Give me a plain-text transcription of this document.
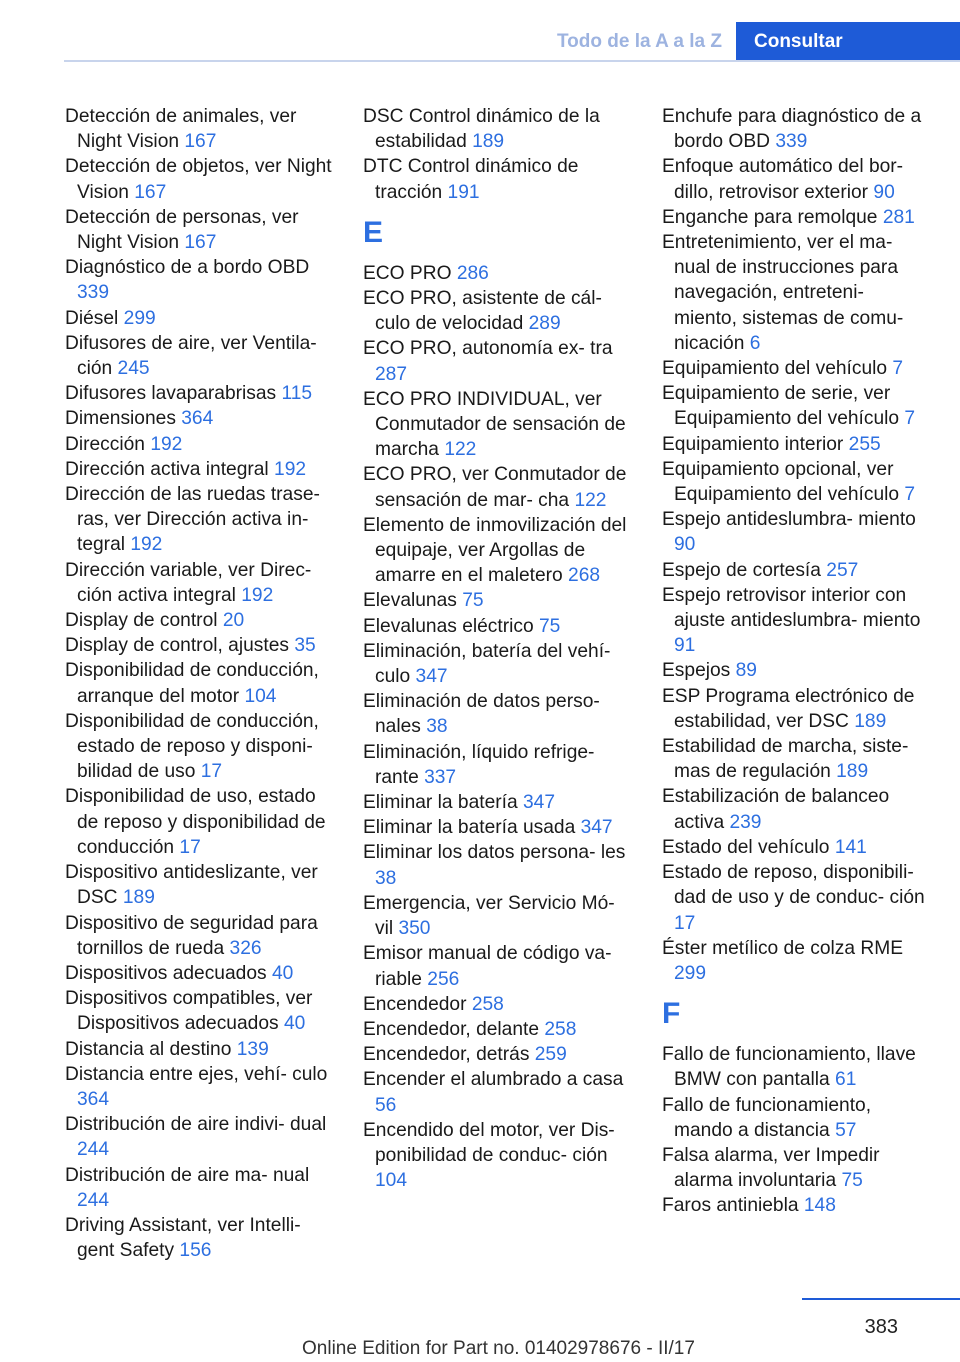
Todo de la A a la Z	Consultar
Detección de animales, ver Night Vision 167
Detección de objetos, ver Night Vision 167
Detección de personas, ver Night Vision 167
Diagnóstico de a bordo OBD 339
Diésel 299
Difusores de aire, ver Ventila‐ ción 245
Difusores lavaparabrisas 115
Dimensiones 364
Dirección 192
Dirección activa integral 192
Dirección de las ruedas trase‐ ras, ver Dirección activa in‐ tegral 192
Dirección variable, ver Direc‐ ción activa integral 192
Display de control 20
Display de control, ajustes 35
Disponibilidad de conducción, arranque del motor 104
Disponibilidad de conducción, estado de reposo y disponi‐ bilidad de uso 17
Disponibilidad de uso, estado de reposo y disponibilidad de conducción 17
Dispositivo antideslizante, ver DSC 189
Dispositivo de seguridad para tornillos de rueda 326
Dispositivos adecuados 40
Dispositivos compatibles, ver Dispositivos adecuados 40
Distancia al destino 139
Distancia entre ejes, vehí‐ culo 364
Distribución de aire indivi‐ dual 244
Distribución de aire ma‐ nual 244
Driving Assistant, ver Intelli‐ gent Safety 156
DSC Control dinámico de la estabilidad 189
DTC Control dinámico de tracción 191
E
ECO PRO 286
ECO PRO, asistente de cál‐ culo de velocidad 289
ECO PRO, autonomía ex‐ tra 287
ECO PRO INDIVIDUAL, ver Conmutador de sensación de marcha 122
ECO PRO, ver Conmutador de sensación de mar‐ cha 122
Elemento de inmovilización del equipaje, ver Argollas de amarre en el maletero 268
Elevalunas 75
Elevalunas eléctrico 75
Eliminación, batería del vehí‐ culo 347
Eliminación de datos perso‐ nales 38
Eliminación, líquido refrige‐ rante 337
Eliminar la batería 347
Eliminar la batería usada 347
Eliminar los datos persona‐ les 38
Emergencia, ver Servicio Mó‐ vil 350
Emisor manual de código va‐ riable 256
Encendedor 258
Encendedor, delante 258
Encendedor, detrás 259
Encender el alumbrado a casa 56
Encendido del motor, ver Dis‐ ponibilidad de conduc‐ ción 104
Enchufe para diagnóstico de a bordo OBD 339
Enfoque automático del bor‐ dillo, retrovisor exterior 90
Enganche para remolque 281
Entretenimiento, ver el ma‐ nual de instrucciones para navegación, entreteni‐ miento, sistemas de comu‐ nicación 6
Equipamiento del vehículo 7
Equipamiento de serie, ver Equipamiento del vehículo 7
Equipamiento interior 255
Equipamiento opcional, ver Equipamiento del vehículo 7
Espejo antideslumbra‐ miento 90
Espejo de cortesía 257
Espejo retrovisor interior con ajuste antideslumbra‐ miento 91
Espejos 89
ESP Programa electrónico de estabilidad, ver DSC 189
Estabilidad de marcha, siste‐ mas de regulación 189
Estabilización de balanceo activa 239
Estado del vehículo 141
Estado de reposo, disponibili‐ dad de uso y de conduc‐ ción 17
Éster metílico de colza RME 299
F
Fallo de funcionamiento, llave BMW con pantalla 61
Fallo de funcionamiento, mando a distancia 57
Falsa alarma, ver Impedir alarma involuntaria 75
Faros antiniebla 148
383
Online Edition for Part no. 01402978676 - II/17
